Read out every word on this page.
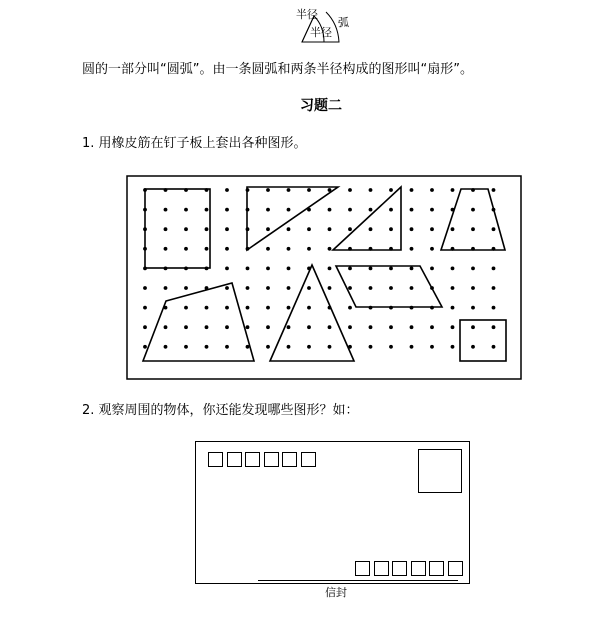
半径
弧
半径
圆的一部分叫“圆弧”。由一条圆弧和两条半径构成的图形叫“扇形”。
习题二
1. 用橡皮筋在钉子板上套出各种图形。
2. 观察周围的物体，你还能发现哪些图形？如：
信封
